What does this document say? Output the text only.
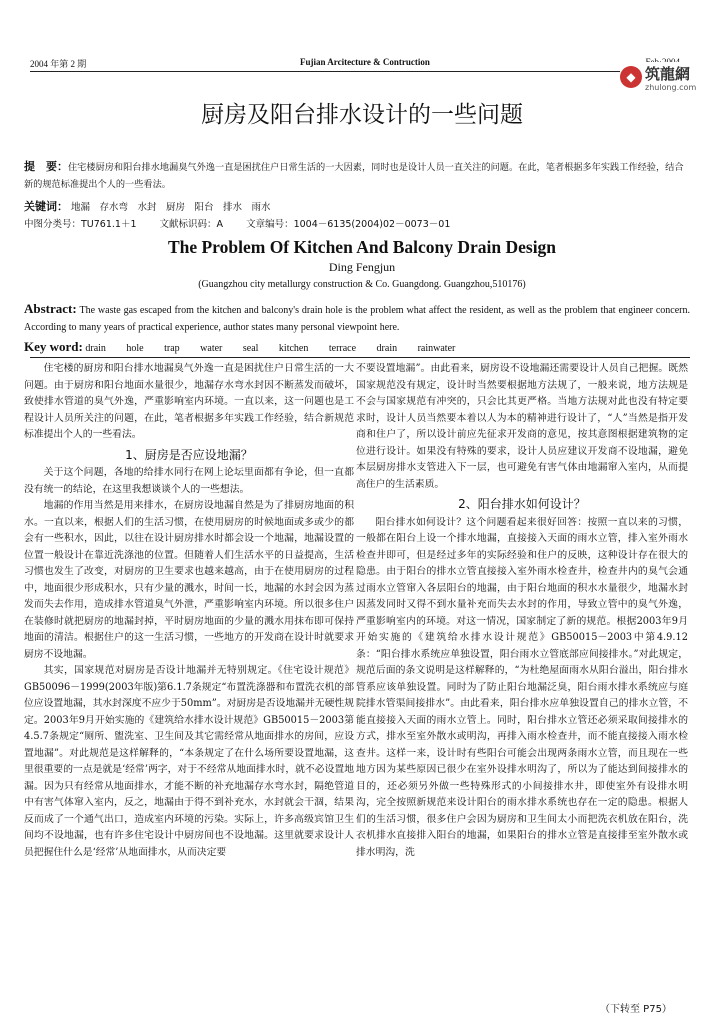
2004 年第 2 期	Fujian Arcitecture & Contruction
◆ 筑龍網
zhulong.com
厨房及阳台排水设计的一些问题
提　要：住宅楼厨房和阳台排水地漏臭气外逸一直是困扰住户日常生活的一大因素，同时也是设计人员一直关注的问题。在此，笔者根据多年实践工作经验，结合新的规范标准提出个人的一些看法。
关键词： 地漏　存水弯　水封　厨房　阳台　排水　雨水
中图分类号：TU761.1＋1 文献标识码：A 文章编号：1004－6135(2004)02－0073－01
The Problem Of Kitchen And Balcony Drain Design
Ding Fengjun
(Guangzhou city metallurgy construction & Co. Guangdong. Guangzhou,510176)
Abstract: The waste gas escaped from the kitchen and balcony's drain hole is the problem what affect the resident, as well as the problem that engineer concern. According to many years of practical experience, author states many personal viewpoint here.
Key word: drain hole trap water seal kitchen terrace drain rainwater

住宅楼的厨房和阳台排水地漏臭气外逸一直是困扰住户日常生活的一大问题。由于厨房和阳台地面水量很少，地漏存水弯水封因不断蒸发而破坏，致使排水管道的臭气外逸，严重影响室内环境。一直以来，这一问题也是工程设计人员所关注的问题，在此，笔者根据多年实践工作经验，结合新规范标准提出个人的一些看法。

1、厨房是否应设地漏？

关于这个问题，各地的给排水同行在网上论坛里面都有争论，但一直都没有统一的结论，在这里我想谈谈个人的一些想法。

地漏的作用当然是用来排水，在厨房设地漏自然是为了排厨房地面的积水。一直以来，根据人们的生活习惯，在使用厨房的时候地面或多或少的都会有一些积水，因此，以往在设计厨房排水时都会设一个地漏，地漏设置的位置一般设计在靠近洗涤池的位置。但随着人们生活水平的日益提高，生活习惯也发生了改变，对厨房的卫生要求也越来越高，由于在使用厨房的过程中，地面很少形成积水，只有少量的溅水，时间一长，地漏的水封会因为蒸发而失去作用，造成排水管道臭气外泄，严重影响室内环境。所以很多住户在装修时就把厨房的地漏封掉，平时厨房地面的少量的溅水用抹布即可保持地面的清洁。根据住户的这一生活习惯，一些地方的开发商在设计时就要求厨房不设地漏。

其实，国家规范对厨房是否设计地漏并无特别规定。《住宅设计规范》GB50096－1999(2003年版)第6.1.7条规定“布置洗涤器和布置洗衣机的部位应设置地漏，其水封深度不应少于50mm”。对厨房是否设地漏并无硬性规定。2003年9月开始实施的《建筑给水排水设计规范》GB50015－2003第4.5.7条规定“厕所、盥洗室、卫生间及其它需经常从地面排水的房间，应设置地漏”。对此规范是这样解释的，“本条规定了在什么场所要设置地漏，这里很重要的一点是就是‘经常’两字，对于不经常从地面排水时，就不必设置地漏。因为只有经常从地面排水，才能不断的补充地漏存水弯水封，隔绝管道中有害气体窜入室内，反之，地漏由于得不到补充水，水封就会干涸，结果反而成了一个通气出口，造成室内环境的污染。实际上，许多高级宾馆卫生间均不设地漏，也有许多住宅设计中厨房间也不设地漏。这里就要求设计人员把握住什么是‘经常’从地面排水，从而决定要

不要设置地漏”。由此看来，厨房设不设地漏还需要设计人员自己把握。既然国家规范没有规定，设计时当然要根据地方法规了，一般来说，地方法规是不会与国家规范有冲突的，只会比其更严格。当地方法规对此也没有特定要求时，设计人员当然要本着以人为本的精神进行设计了，“人”当然是指开发商和住户了，所以设计前应先征求开发商的意见，按其意图根据建筑物的定位进行设计。如果没有特殊的要求，设计人员应建议开发商不设地漏，避免本层厨房排水支管进入下一层，也可避免有害气体由地漏窜入室内，从而提高住户的生活素质。

2、阳台排水如何设计？

阳台排水如何设计？这个问题看起来很好回答：按照一直以来的习惯，一般都在阳台上设一个排水地漏，直接接入天面的雨水立管，排入室外雨水检查井即可，但是经过多年的实际经验和住户的反映，这种设计存在很大的隐患。由于阳台的排水立管直接接入室外雨水检查井，检查井内的臭气会通过雨水立管窜入各层阳台的地漏，由于阳台地面的积水水量很少，地漏水封因蒸发同时又得不到水量补充而失去水封的作用，导致立管中的臭气外逸，严重影响室内的环境。对这一情况，国家制定了新的规范。根据2003年9月开始实施的《建筑给水排水设计规范》GB50015－2003中第4.9.12条：“阳台排水系统应单独设置，阳台雨水立管底部应间接排水。”对此规定，规范后面的条文说明是这样解释的，“为杜绝屋面雨水从阳台溢出，阳台排水管系应该单独设置。同时为了防止阳台地漏泛臭，阳台雨水排水系统应与庭院排水管渠间接排水”。由此看来，阳台排水应单独设置自己的排水立管，不能直接接入天面的雨水立管上。同时，阳台排水立管还必须采取间接排水的方式，排水至室外散水或明沟，再排入雨水检查井，而不能直接接入雨水检查井。这样一来，设计时有些阳台可能会出现两条雨水立管，而且现在一些地方因为某些原因已很少在室外设排水明沟了，所以为了能达到间接排水的目的，还必须另外做一些特殊形式的小间接排水井，即使室外有设排水明沟，完全按照新规范来设计阳台的雨水排水系统也存在一定的隐患。根据人们的生活习惯，很多住户会因为厨房和卫生间太小而把洗衣机放在阳台，洗衣机排水直接排入阳台的地漏，如果阳台的排水立管是直接排至室外散水或排水明沟，洗

（下转至 P75）
